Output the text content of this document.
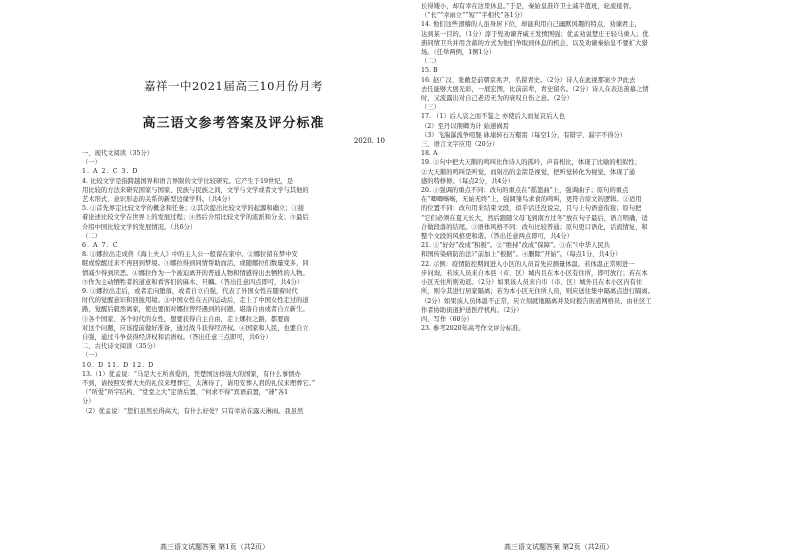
嘉祥一中2021届高三10月份月考
高三语文参考答案及评分标准
2020. 10

一、现代文阅读（35分）

（一）

1. A 2. C 3. D

4. 比较文学是指跨越国界和语言界限的文学比较研究。它产生于19世纪，是

用比较的方法来研究国家与国家、民族与民族之间，文学与文学或者文学与其他的

艺术形式、意识形态的关系的新型边缘学科。（共4分）

5. ①首先界定比较文学的概念和任务；②其次提出比较文学的起源和确立；③接

着论述比较文学在世界上的发展过程；④然后介绍比较文学的流派和分支；⑤最后

介绍中国比较文学的发展情况。（共6分）

（二）

6. A 7. C

8. ①娜拉出走成佟《海上夫人》中的主人公一般留在家中。②娜拉留在梦中安

眠或惊醒过来不再回到梦境。③娜拉得到同情帮助而活，或随娜拉们数量变多，同

情减少得到厌恶。④娜拉作为一个被迫离开的普通人物和情感得出去牺牲的人物。

⑤作为主动牺牲者的道意和看客们的麻木、旦麟。（答出任意四点即可，共4分）

9. ①娜拉出走后，或者走向堕落，或者自立自强，代表了外国女性在随着时代

时代的觉醒意识和回拢用境。②中国女性在五四运动后，走上了中国女性走过的道

路，觉醒后毅然离家，使也要面对娜拉曾经遇到的问题，堪落自由或者自立新生。

③各个国家、各个时代的女性，想要获得自主自由，走上娜拉之路，都要面

对这个问题，应该提前做好准备，通过战斗获得经济权。④国家和人民，也要自立

自强，通过斗争获得经济权和话语权。（答出任意三点即可，共6分）

二、古代诗文阅读（35分）

（一）

10. D 11. D 12. D

13.（1）优孟说：“马是大王所喜爱的，凭楚国这样强大的国家，有什么事情办

不到，请按照安葬大夫的礼仪来埋葬它，太薄待了，请用安葬人君的礼仪来埋葬它。”

（“所爱”所字结构、“堂堂之大”定语后置、“何求不得”宾语前置，“薄”各1

分）

（2）优孟说：“您们虽然长得高大，有什么好处？只有幸站在露天淋雨。我虽然

高三语文试题答案 第1页（共2页）

长得矮小，却有幸在这里休息。”于是，秦始皇准许卫士减半值班，轮流接替。

（“长”“幸雨立”“短”“半相代”各1分）

14. 他们这些滑稽的人虽身居下位，却能利用自己幽默风趣的特点，劝谏君主，

达到某一目的。（1分）淳于髡劝谏齐威王发愤图强；优孟劝说楚庄王轻马重人；优

旃同情卫兵并用含蓄的方式为他们争取到休息的机会，以及劝谏秦始皇不要扩大猎

场。（任举两例，1例1分）

（二）

15. B

16. 赵广汉、张敞是前朝京兆尹，名留青史。（2分）诗人在此视那案少尹此去

去任能够大展光彩，一展宏图，比前前辈，青史留名。（2分）诗人在表达羡慕之情

时，又流露出对自己老迈无为的衰叹自伤之意。（2分）

（三）

17. （1）后人哀之而不鉴之 亦使后人而复哀后人也

（2）至丹以荆卿为计 始速祸焉

（3）飞湍瀑流争喧豗 砯崖转石万壑雷（每空1分，有错字、漏字不得分）

三、语言文字应用（20分）

18. A

19. ①句中把大天鹅的鸣叫比作诗人的孤吟，声音相比，体现了比喻的相似性；

②大天鹅的鸣叫是听觉，而射出的金箭是视觉，把听觉转化为视觉，体现了通

感的特修修。（每点2分，共4分）

20. ①强调的重点不同：改句的重点在“摇篮曲”上，强调曲子；原句的重点

在“唧唧啭啭，无始无终”上，强调雏鸟求食的鸣叫，更符合原文的逻辑。②适用

的位置不同：改句用来结束文段，似乎话还没说完，且与上句语意衔接；原句把

“它们必须在夏天长大，然后跟随父母飞到南方过冬”放在句子最后，语言明确，适

合做段落的结尾。③语体风格不同：改句比较普通；原句更口语化，话流情复，和

整个文段的风格更和谐。（答出任意两点即可，共4分）

21. ①“好好”改成“积极”。②“维持”改成“保障”。③在“《中华人民共

和国传染病防治法》”前加上“根据”。④删除“开始”。（每点1分，共4分）

22. 示例：疫情防控期间进入小区的人员首先应测量体温。若体温正常则进一

步问询，若该人员来自本县（市、区）城内且在本小区有住所，即可放行；若在本

小区无住所则劝返。（2分）如果该人员来自市（市、区）城外且在本小区内有住

所，则令其进行居家隔离；若为本小区无住所人员，则应送往集中隔离点进行隔离。

（2分）如果该人员体温不正常，应立刻就地隔离并及时报告街道网格员，由社区工

作者协助街道护送医疗机构。（2分）

四、写作（60分）

23. 参考2020年高考作文评分标准。

高三语文试题答案 第2页（共2页）
